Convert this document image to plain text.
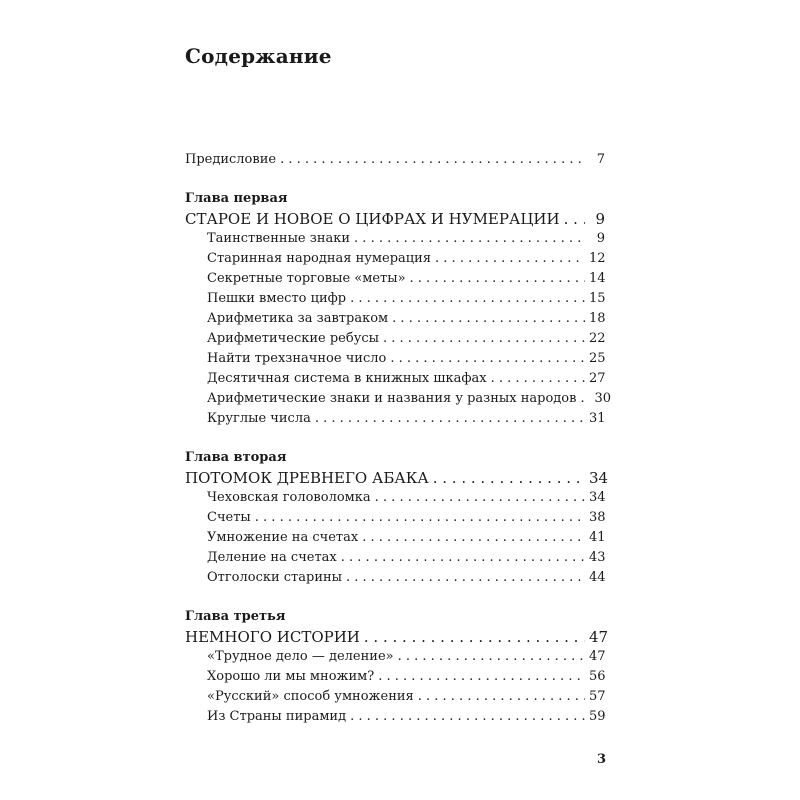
Содержание
Предисловие . . .	7
Глава первая
СТАРОЕ И НОВОЕ О ЦИФРАХ И НУМЕРАЦИИ . . .	9
Таинственные знаки . . .	9
Старинная народная нумерация . . .	12
Секретные торговые «меты» . . .	14
Пешки вместо цифр . . .	15
Арифметика за завтраком . . .	18
Арифметические ребусы . . .	22
Найти трехзначное число . . .	25
Десятичная система в книжных шкафах . . .	27
Арифметические знаки и названия у разных народов . . . 30
Круглые числа . . .	31
Глава вторая
ПОТОМОК ДРЕВНЕГО АБАКА . . .	34
Чеховская головоломка . . .	34
Счеты . . .	38
Умножение на счетах . . .	41
Деление на счетах . . .	43
Отголоски старины . . .	44
Глава третья
НЕМНОГО ИСТОРИИ . . .	47
«Трудное дело — деление» . . .	47
Хорошо ли мы множим? . . .	56
«Русский» способ умножения . . .	57
Из Страны пирамид . . .	59
3
